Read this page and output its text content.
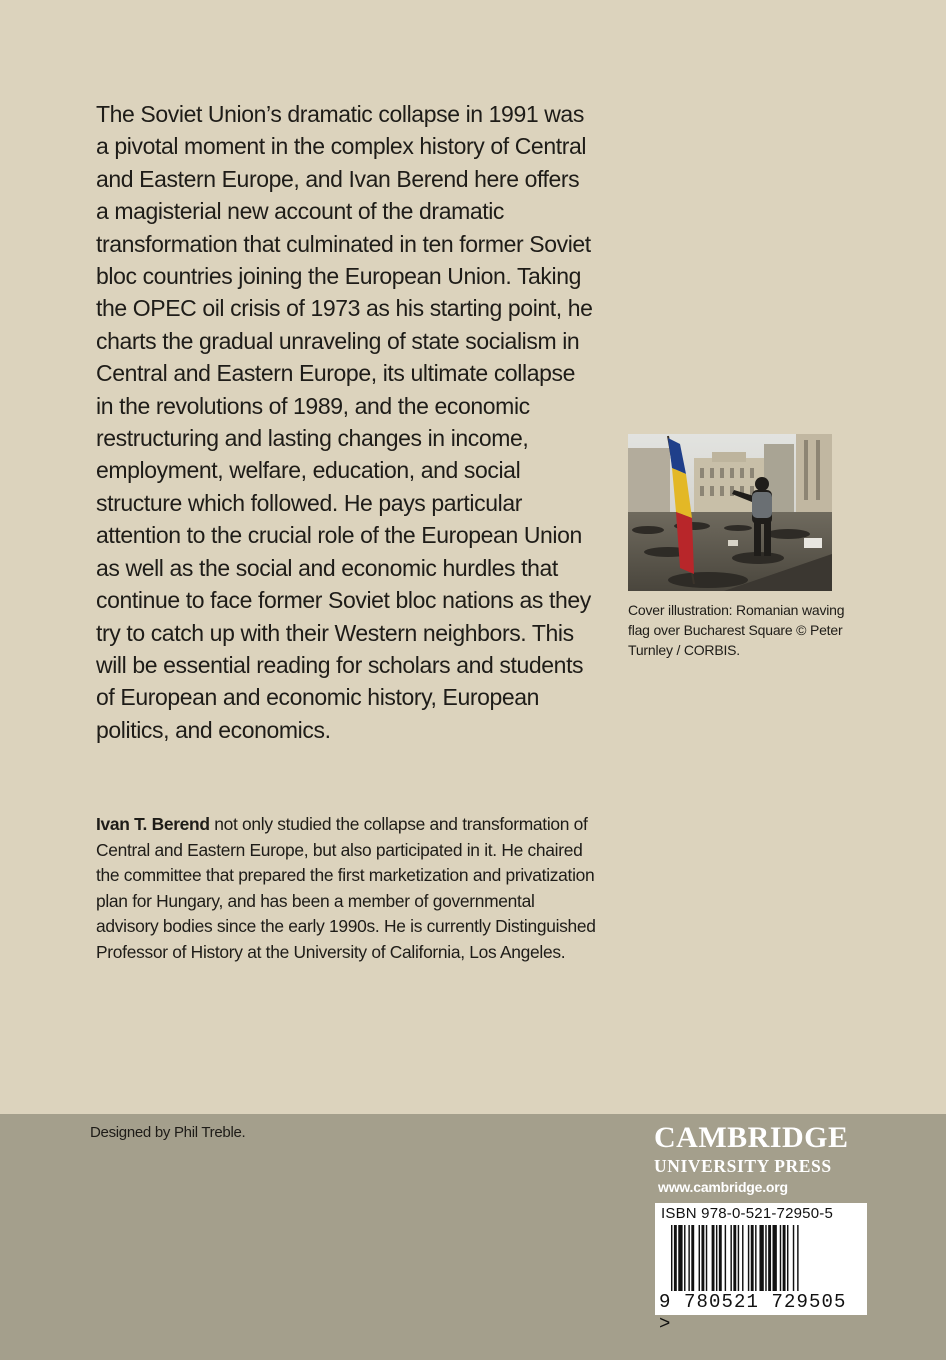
The Soviet Union’s dramatic collapse in 1991 was a pivotal moment in the complex history of Central and Eastern Europe, and Ivan Berend here offers a magisterial new account of the dramatic transformation that culminated in ten former Soviet bloc countries joining the European Union. Taking the OPEC oil crisis of 1973 as his starting point, he charts the gradual unraveling of state socialism in Central and Eastern Europe, its ultimate collapse in the revolutions of 1989, and the economic restructuring and lasting changes in income, employment, welfare, education, and social structure which followed. He pays particular attention to the crucial role of the European Union as well as the social and economic hurdles that continue to face former Soviet bloc nations as they try to catch up with their Western neighbors. This will be essential reading for scholars and students of European and economic history, European politics, and economics.

Ivan T. Berend not only studied the collapse and transformation of Central and Eastern Europe, but also participated in it. He chaired the committee that prepared the first marketization and privatization plan for Hungary, and has been a member of governmental advisory bodies since the early 1990s. He is currently Distinguished Professor of History at the University of California, Los Angeles.
Cover illustration: Romanian waving flag over Bucharest Square © Peter Turnley / CORBIS.
Designed by Phil Treble.	CAMBRIDGE
UNIVERSITY PRESS
www.cambridge.org
ISBN 978-0-521-72950-5
9 780521 729505 >
